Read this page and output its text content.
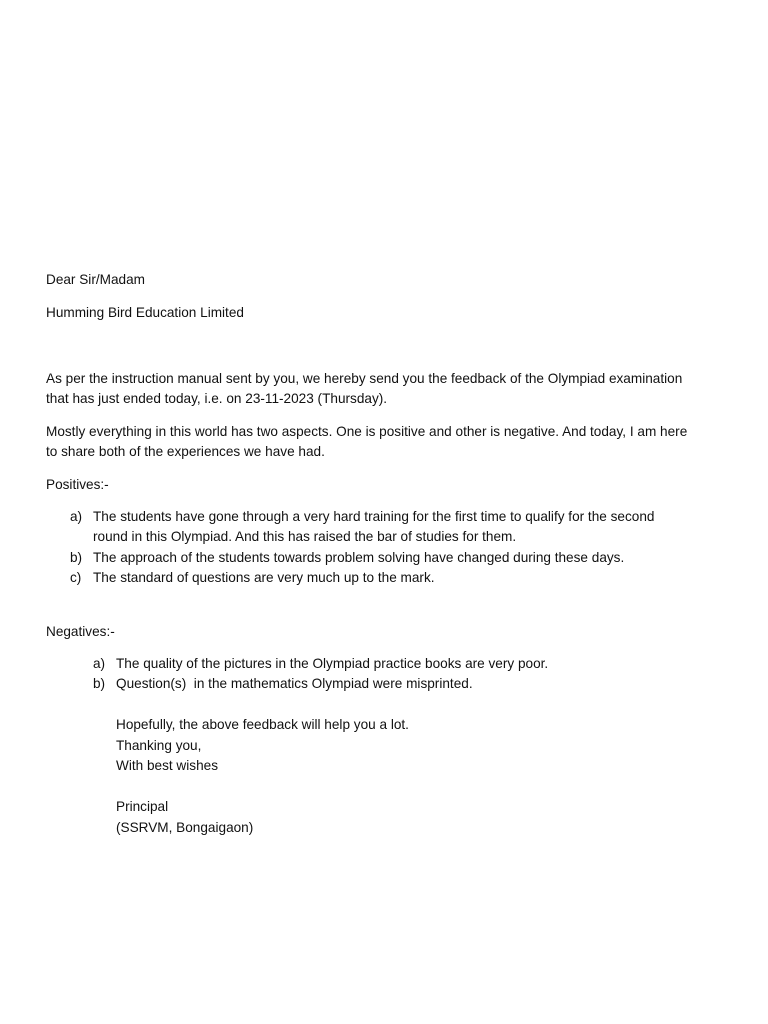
Dear Sir/Madam
Humming Bird Education Limited
As per the instruction manual sent by you, we hereby send you the feedback of the Olympiad examination
that has just ended today, i.e. on 23-11-2023 (Thursday).
Mostly everything in this world has two aspects. One is positive and other is negative. And today, I am here
to share both of the experiences we have had.
Positives:-
a) The students have gone through a very hard training for the first time to qualify for the second
round in this Olympiad. And this has raised the bar of studies for them.
b) The approach of the students towards problem solving have changed during these days.
c) The standard of questions are very much up to the mark.
Negatives:-
a) The quality of the pictures in the Olympiad practice books are very poor.
b) Question(s)  in the mathematics Olympiad were misprinted.
Hopefully, the above feedback will help you a lot.
Thanking you,
With best wishes
Principal
(SSRVM, Bongaigaon)
